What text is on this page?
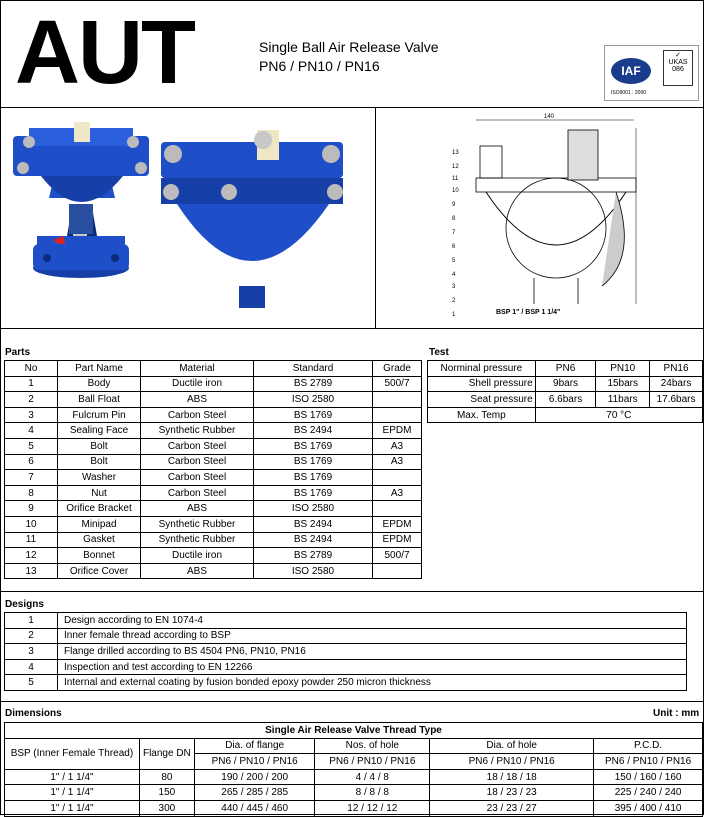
AUT	Single Ball Air Release Valve
PN6 / PN10 / PN16	IAF
✓
UKAS
086
ISO9001 : 2000
140
BSP 1" / BSP 1 1/4"
13
12
11
10
9
8
7
6
5
4
3
2
1
Parts	Test
No	Part Name	Material	Standard	Grade
1	Body	Ductile iron	BS 2789	500/7
2	Ball Float	ABS	ISO 2580	
3	Fulcrum Pin	Carbon Steel	BS 1769	
4	Sealing Face	Synthetic Rubber	BS 2494	EPDM
5	Bolt	Carbon Steel	BS 1769	A3
6	Bolt	Carbon Steel	BS 1769	A3
7	Washer	Carbon Steel	BS 1769	
8	Nut	Carbon Steel	BS 1769	A3
9	Orifice Bracket	ABS	ISO 2580	
10	Minipad	Synthetic Rubber	BS 2494	EPDM
11	Gasket	Synthetic Rubber	BS 2494	EPDM
12	Bonnet	Ductile iron	BS 2789	500/7
13	Orifice Cover	ABS	ISO 2580	
Norminal pressure	PN6	PN10	PN16
Shell pressure	9bars	15bars	24bars
Seat pressure	6.6bars	11bars	17.6bars
Max. Temp	70 °C		
Designs
1	Design according to EN 1074-4
2	Inner female thread according to BSP
3	Flange drilled according to BS 4504 PN6, PN10, PN16
4	Inspection and test according to EN 12266
5	Internal and external coating by fusion bonded epoxy powder 250 micron thickness
Dimensions	Unit : mm
Single Air Release Valve Thread Type					
BSP (Inner Female Thread)	Flange DN	Dia. of flange	Nos. of hole	Dia. of hole	P.C.D.
		PN6 / PN10 / PN16	PN6 / PN10 / PN16	PN6 / PN10 / PN16	PN6 / PN10 / PN16
1" / 1 1/4"	80	190 / 200 / 200	4 / 4 / 8	18 / 18 / 18	150 / 160 / 160
1" / 1 1/4"	150	265 / 285 / 285	8 / 8 / 8	18 / 23 / 23	225 / 240 / 240
1" / 1 1/4"	300	440 / 445 / 460	12 / 12 / 12	23 / 23 / 27	395 / 400 / 410
